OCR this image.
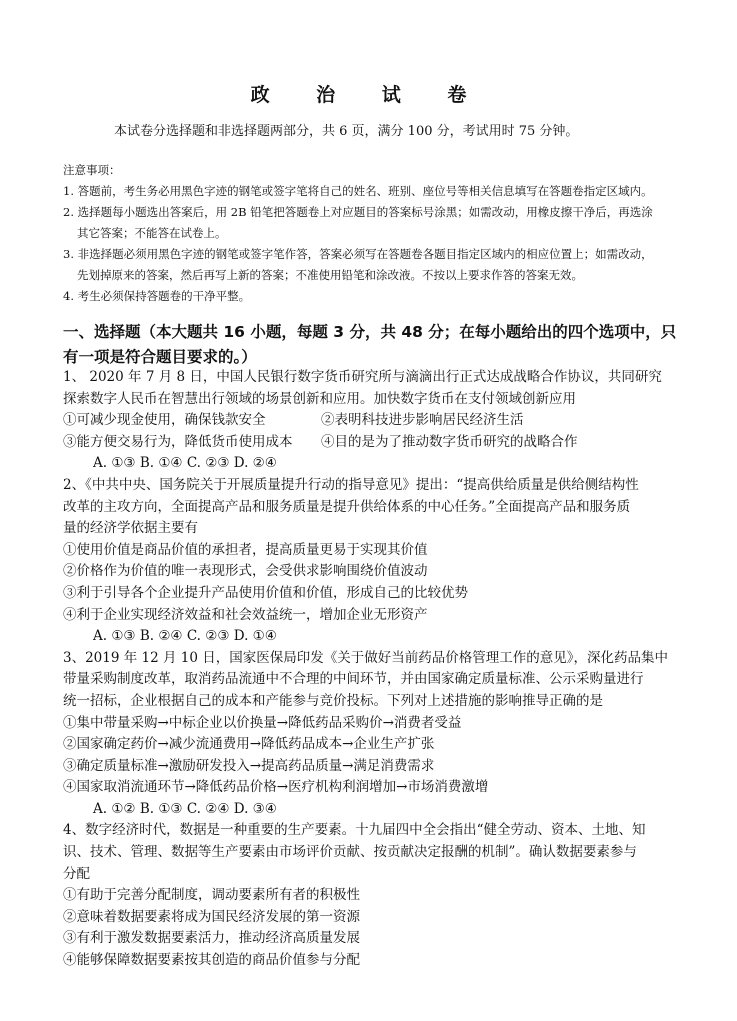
政 治 试 卷
本试卷分选择题和非选择题两部分，共 6 页，满分 100 分，考试用时 75 分钟。
注意事项：
1. 答题前，考生务必用黑色字迹的钢笔或签字笔将自己的姓名、班别、座位号等相关信息填写在答题卷指定区域内。
2. 选择题每小题选出答案后，用 2B 铅笔把答题卷上对应题目的答案标号涂黑；如需改动，用橡皮擦干净后，再选涂
其它答案；不能答在试卷上。
3. 非选择题必须用黑色字迹的钢笔或签字笔作答，答案必须写在答题卷各题目指定区域内的相应位置上；如需改动，
先划掉原来的答案，然后再写上新的答案；不准使用铅笔和涂改液。不按以上要求作答的答案无效。
4. 考生必须保持答题卷的干净平整。
一、选择题（本大题共 16 小题，每题 3 分，共 48 分；在每小题给出的四个选项中，只
有一项是符合题目要求的。）
1、 2020 年 7 月 8 日，中国人民银行数字货币研究所与滴滴出行正式达成战略合作协议，共同研究
探索数字人民币在智慧出行领域的场景创新和应用。加快数字货币在支付领域创新应用
①可减少现金使用，确保钱款安全	②表明科技进步影响居民经济生活
③能方便交易行为，降低货币使用成本	④目的是为了推动数字货币研究的战略合作
A. ①③ B. ①④ C. ②③ D. ②④
2、《中共中央、国务院关于开展质量提升行动的指导意见》提出：“提高供给质量是供给侧结构性
改革的主攻方向，全面提高产品和服务质量是提升供给体系的中心任务。”全面提高产品和服务质
量的经济学依据主要有
①使用价值是商品价值的承担者，提高质量更易于实现其价值
②价格作为价值的唯一表现形式，会受供求影响围绕价值波动
③利于引导各个企业提升产品使用价值和价值，形成自己的比较优势
④利于企业实现经济效益和社会效益统一，增加企业无形资产
A. ①③ B. ②④ C. ②③ D. ①④
3、2019 年 12 月 10 日，国家医保局印发《关于做好当前药品价格管理工作的意见》，深化药品集中
带量采购制度改革，取消药品流通中不合理的中间环节，并由国家确定质量标准、公示采购量进行
统一招标，企业根据自己的成本和产能参与竞价投标。下列对上述措施的影响推导正确的是
①集中带量采购→中标企业以价换量→降低药品采购价→消费者受益
②国家确定药价→减少流通费用→降低药品成本→企业生产扩张
③确定质量标准→激励研发投入→提高药品质量→满足消费需求
④国家取消流通环节→降低药品价格→医疗机构利润增加→市场消费激增
A. ①② B. ①③ C. ②④ D. ③④
4、数字经济时代，数据是一种重要的生产要素。十九届四中全会指出“健全劳动、资本、土地、知
识、技术、管理、数据等生产要素由市场评价贡献、按贡献决定报酬的机制”。确认数据要素参与
分配
①有助于完善分配制度，调动要素所有者的积极性
②意味着数据要素将成为国民经济发展的第一资源
③有利于激发数据要素活力，推动经济高质量发展
④能够保障数据要素按其创造的商品价值参与分配
